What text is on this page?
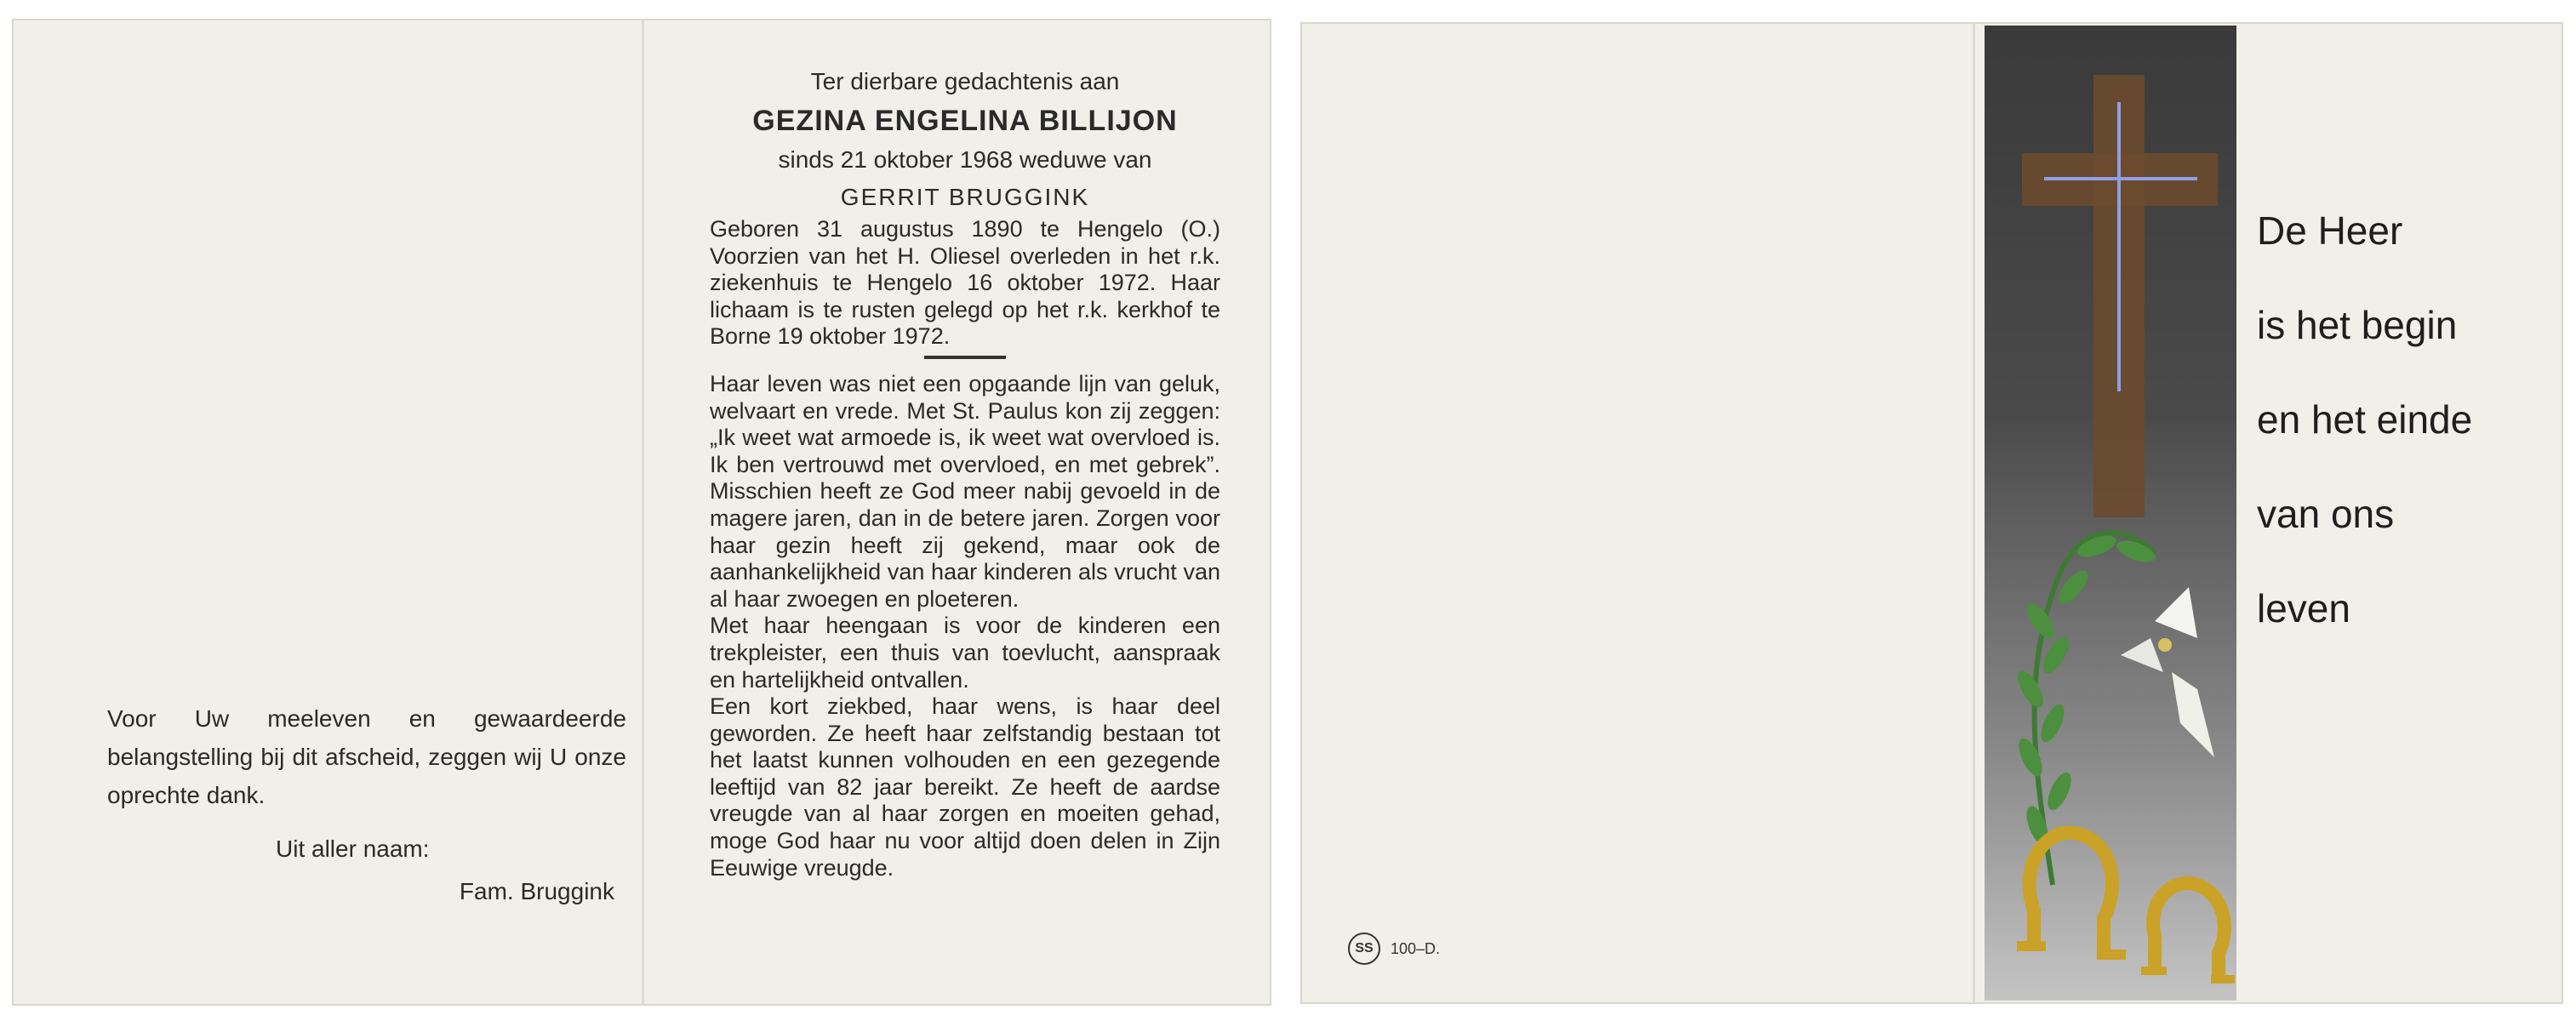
Voor Uw meeleven en gewaardeerde belangstelling bij dit afscheid, zeggen wij U onze oprechte dank.
Uit aller naam:
Fam. Bruggink
Ter dierbare gedachtenis aan
GEZINA ENGELINA BILLIJON
sinds 21 oktober 1968 weduwe van
GERRIT BRUGGINK

Geboren 31 augustus 1890 te Hengelo (O.) Voorzien van het H. Oliesel overleden in het r.k. ziekenhuis te Hengelo 16 oktober 1972. Haar lichaam is te rusten gelegd op het r.k. kerkhof te Borne 19 oktober 1972.

Haar leven was niet een opgaande lijn van geluk, welvaart en vrede. Met St. Paulus kon zij zeggen: „Ik weet wat armoede is, ik weet wat overvloed is. Ik ben vertrouwd met overvloed, en met gebrek”. Misschien heeft ze God meer nabij gevoeld in de magere jaren, dan in de betere jaren. Zorgen voor haar gezin heeft zij gekend, maar ook de aanhankelijkheid van haar kinderen als vrucht van al haar zwoegen en ploeteren.

Met haar heengaan is voor de kinderen een trekpleister, een thuis van toevlucht, aanspraak en hartelijkheid ontvallen.

Een kort ziekbed, haar wens, is haar deel geworden. Ze heeft haar zelfstandig bestaan tot het laatst kunnen volhouden en een gezegende leeftijd van 82 jaar bereikt. Ze heeft de aardse vreugde van al haar zorgen en moeiten gehad, moge God haar nu voor altijd doen delen in Zijn Eeuwige vreugde.

SS	100–D.
De Heer
is het begin
en het einde
van ons
leven
